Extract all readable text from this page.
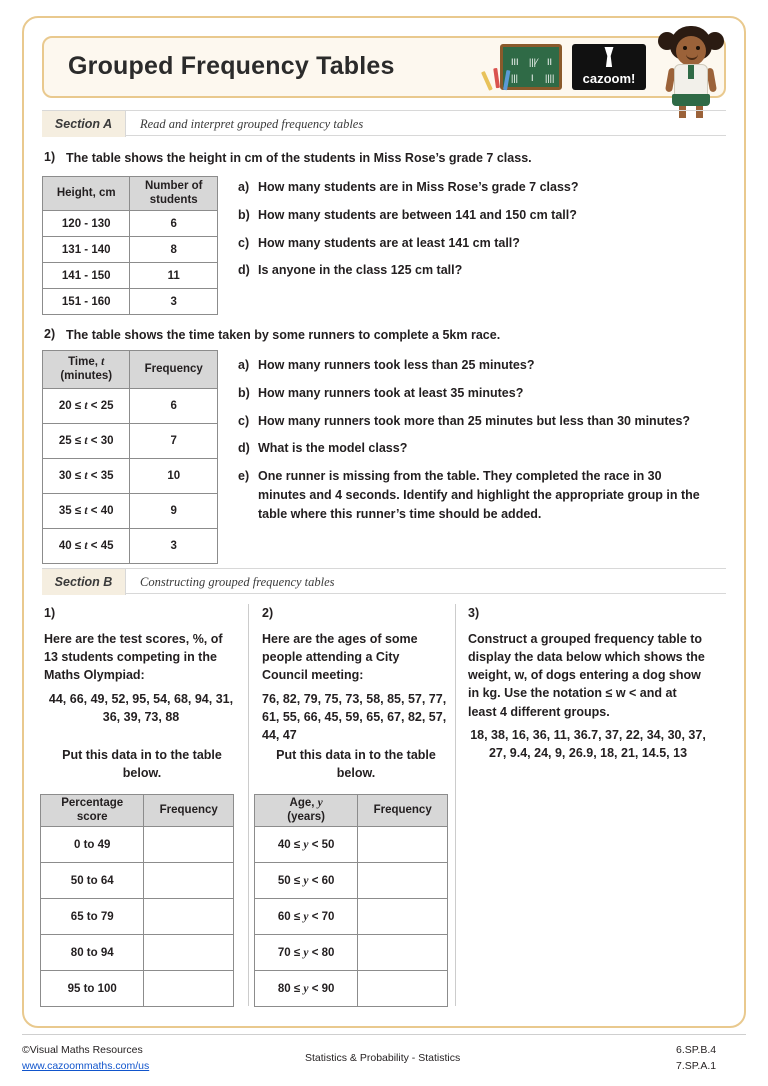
Grouped Frequency Tables	III |||⁄ II
||| I ||||	cazoom!
Section A	Read and interpret grouped frequency tables
1) The table shows the height in cm of the students in Miss Rose’s grade 7 class.
Height, cm	Number of students
120 - 130	6
131 - 140	8
141 - 150	11
151 - 160	3
a) How many students are in Miss Rose’s grade 7 class?
b) How many students are between 141 and 150 cm tall?
c) How many students are at least 141 cm tall?
d) Is anyone in the class 125 cm tall?
2) The table shows the time taken by some runners to complete a 5km race.
Time, t
(minutes)	Frequency
20 ≤ t < 25	6
25 ≤ t < 30	7
30 ≤ t < 35	10
35 ≤ t < 40	9
40 ≤ t < 45	3
a) How many runners took less than 25 minutes?
b) How many runners took at least 35 minutes?
c) How many runners took more than 25 minutes but less than 30 minutes?
d) What is the model class?
e) One runner is missing from the table. They completed the race in 30 minutes and 4 seconds. Identify and highlight the appropriate group in the table where this runner’s time should be added.
Section B	Constructing grouped frequency tables
1)
Here are the test scores, %, of 13 students competing in the Maths Olympiad:
44, 66, 49, 52, 95, 54, 68, 94, 31, 36, 39, 73, 88
Put this data in to the table below.
Percentage
score	Frequency
0 to 49	
50 to 64	
65 to 79	
80 to 94	
95 to 100	
2)
Here are the ages of some people attending a City Council meeting:
76, 82, 79, 75, 73, 58, 85, 57, 77, 61, 55, 66, 45, 59, 65, 67, 82, 57, 44, 47
Put this data in to the table below.
Age, y
(years)	Frequency
40 ≤ y < 50	
50 ≤ y < 60	
60 ≤ y < 70	
70 ≤ y < 80	
80 ≤ y < 90	
3)
Construct a grouped frequency table to display the data below which shows the weight, w, of dogs entering a dog show in kg. Use the notation ≤ w < and at least 4 different groups.
18, 38, 16, 36, 11, 36.7, 37, 22, 34, 30, 37, 27, 9.4, 24, 9, 26.9, 18, 21, 14.5, 13
©Visual Maths Resources
www.cazoommaths.com/us
Statistics & Probability - Statistics
6.SP.B.4
7.SP.A.1
